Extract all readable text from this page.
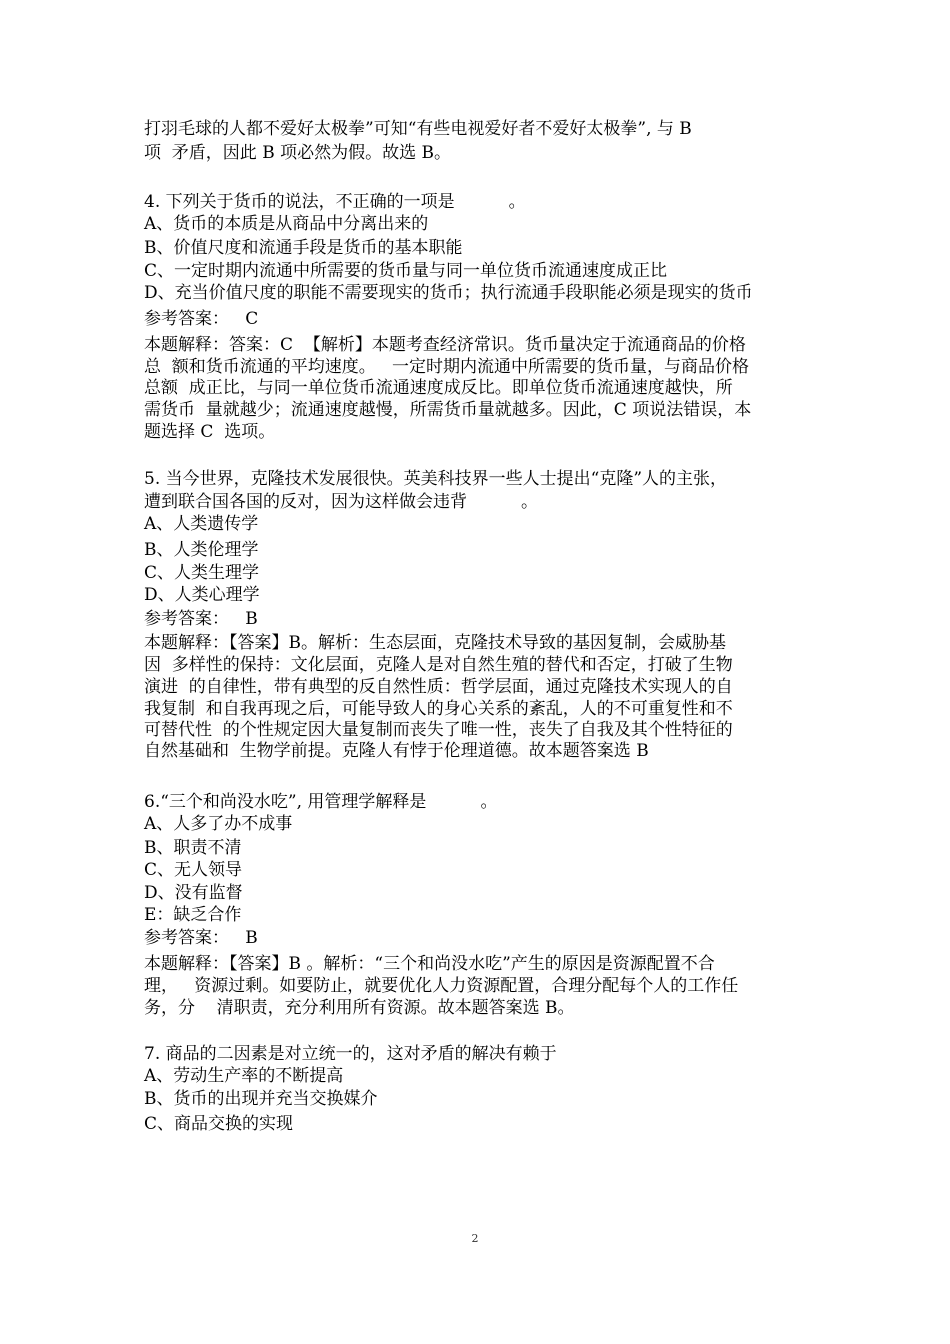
打羽毛球的人都不爱好太极拳”可知“有些电视爱好者不爱好太极拳”, 与 B
项  矛盾，因此 B 项必然为假。故选 B。
4. 下列关于货币的说法，不正确的一项是          。
A、货币的本质是从商品中分离出来的
B、价值尺度和流通手段是货币的基本职能
C、一定时期内流通中所需要的货币量与同一单位货币流通速度成正比
D、充当价值尺度的职能不需要现实的货币；执行流通手段职能必须是现实的货币
参考答案：   C
本题解释：答案：C  【解析】本题考查经济常识。货币量决定于流通商品的价格
总  额和货币流通的平均速度。   一定时期内流通中所需要的货币量，与商品价格
总额  成正比，与同一单位货币流通速度成反比。即单位货币流通速度越快，所
需货币  量就越少；流通速度越慢，所需货币量就越多。因此，C 项说法错误，本
题选择 C  选项。
5. 当今世界，克隆技术发展很快。英美科技界一些人士提出“克隆”人的主张，
遭到联合国各国的反对，因为这样做会违背          。
A、人类遗传学
B、人类伦理学
C、人类生理学
D、人类心理学
参考答案：   B
本题解释：【答案】B。解析：生态层面，克隆技术导致的基因复制，会威胁基
因  多样性的保持：文化层面，克隆人是对自然生殖的替代和否定，打破了生物
演进  的自律性，带有典型的反自然性质：哲学层面，通过克隆技术实现人的自
我复制  和自我再现之后，可能导致人的身心关系的紊乱，人的不可重复性和不
可替代性  的个性规定因大量复制而丧失了唯一性，丧失了自我及其个性特征的
自然基础和  生物学前提。克隆人有悖于伦理道德。故本题答案选 B
6.“三个和尚没水吃”, 用管理学解释是          。
A、人多了办不成事
B、职责不清
C、无人领导
D、没有监督
E：缺乏合作
参考答案：   B
本题解释：【答案】B 。解析：“三个和尚没水吃”产生的原因是资源配置不合
理，   资源过剩。如要防止，就要优化人力资源配置，合理分配每个人的工作任
务，分    清职责，充分利用所有资源。故本题答案选 B。
7. 商品的二因素是对立统一的，这对矛盾的解决有赖于
A、劳动生产率的不断提高
B、货币的出现并充当交换媒介
C、商品交换的实现
2
